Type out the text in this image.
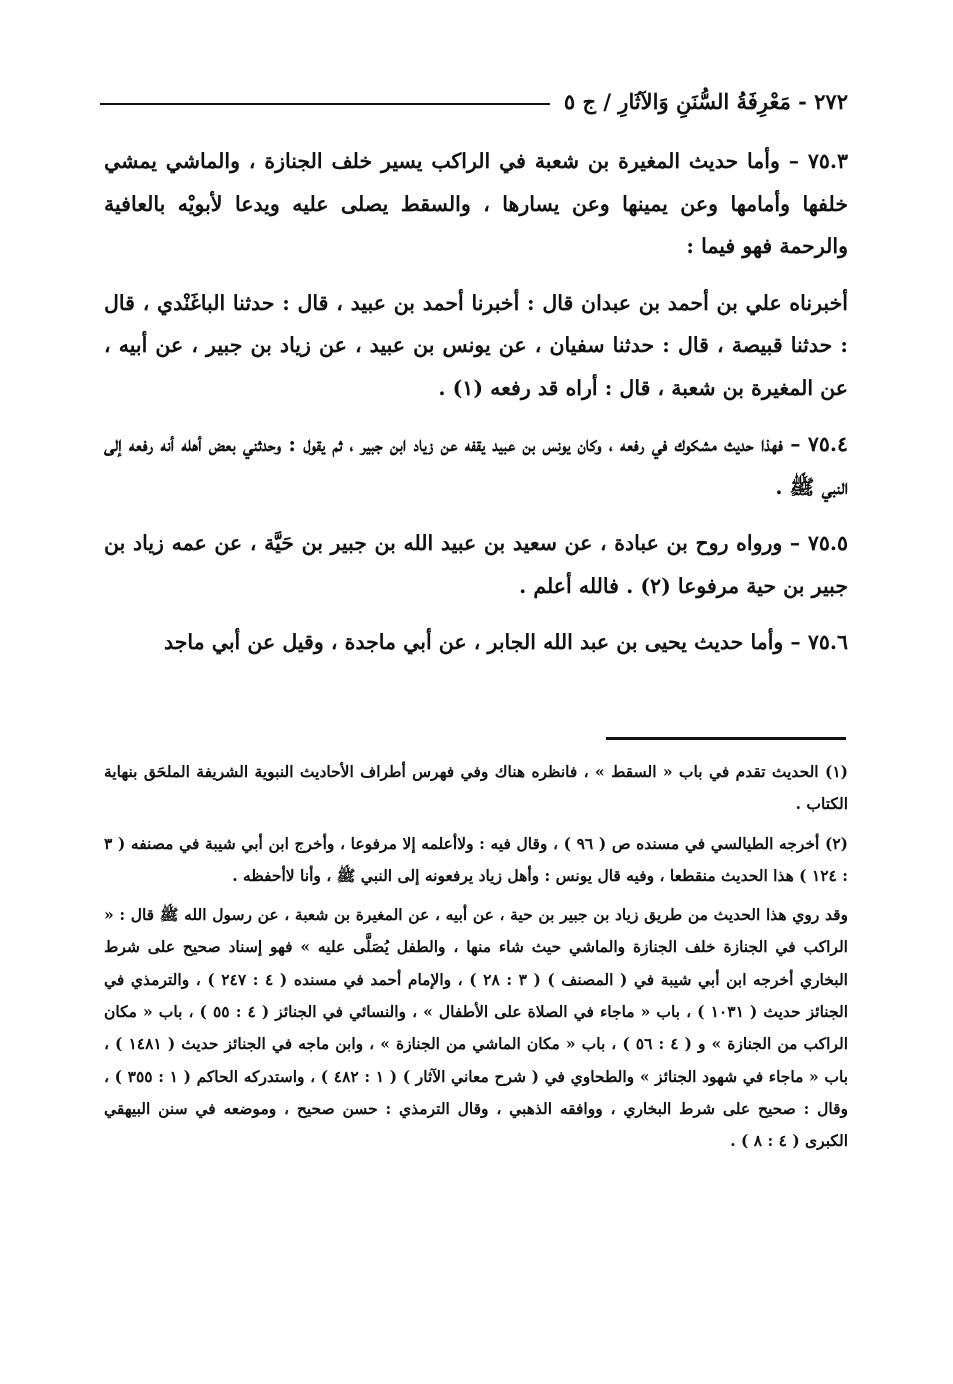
٢٧٢ - مَعْرِفَةُ السُّنَنِ وَالآثَارِ / ج ٥

٧٥.٣ – وأما حديث المغيرة بن شعبة في الراكب يسير خلف الجنازة ، والماشي يمشي خلفها وأمامها وعن يمينها وعن يسارها ، والسقط يصلى عليه ويدعا لأبويْه بالعافية والرحمة فهو فيما :

أخبرناه علي بن أحمد بن عبدان قال : أخبرنا أحمد بن عبيد ، قال : حدثنا الباغَنْدي ، قال : حدثنا قبيصة ، قال : حدثنا سفيان ، عن يونس بن عبيد ، عن زياد بن جبير ، عن أبيه ، عن المغيرة بن شعبة ، قال : أراه قد رفعه (١) .

٧٥.٤ – فهذا حديث مشكوك في رفعه ، وكان يونس بن عبيد يقفه عن زياد ابن جبير ، ثم يقول : وحدثني بعض أهله أنه رفعه إلى النبي ﷺ .

٧٥.٥ – ورواه روح بن عبادة ، عن سعيد بن عبيد الله بن جبير بن حَيَّة ، عن عمه زياد بن جبير بن حية مرفوعا (٢) . فالله أعلم .

٧٥.٦ – وأما حديث يحيى بن عبد الله الجابر ، عن أبي ماجدة ، وقيل عن أبي ماجد

(١) الحديث تقدم في باب « السقط » ، فانظره هناك وفي فهرس أطراف الأحاديث النبوية الشريفة الملحَق بنهاية الكتاب .

(٢) أخرجه الطيالسي في مسنده ص ( ٩٦ ) ، وقال فيه : ولاأعلمه إلا مرفوعا ، وأخرج ابن أبي شيبة في مصنفه ( ٣ : ١٢٤ ) هذا الحديث منقطعا ، وفيه قال يونس : وأهل زياد يرفعونه إلى النبي ﷺ ، وأنا لاأحفظه .

وقد روي هذا الحديث من طريق زياد بن جبير بن حية ، عن أبيه ، عن المغيرة بن شعبة ، عن رسول الله ﷺ قال : « الراكب في الجنازة خلف الجنازة والماشي حيث شاء منها ، والطفل يُصَلَّى عليه » فهو إسناد صحيح على شرط البخاري أخرجه ابن أبي شيبة في ( المصنف ) ( ٣ : ٢٨ ) ، والإمام أحمد في مسنده ( ٤ : ٢٤٧ ) ، والترمذي في الجنائز حديث ( ١٠٣١ ) ، باب « ماجاء في الصلاة على الأطفال » ، والنسائي في الجنائز ( ٤ : ٥٥ ) ، باب « مكان الراكب من الجنازة » و ( ٤ : ٥٦ ) ، باب « مكان الماشي من الجنازة » ، وابن ماجه في الجنائز حديث ( ١٤٨١ ) ، باب « ماجاء في شهود الجنائز » والطحاوي في ( شرح معاني الآثار ) ( ١ : ٤٨٢ ) ، واستدركه الحاكم ( ١ : ٣٥٥ ) ، وقال : صحيح على شرط البخاري ، ووافقه الذهبي ، وقال الترمذي : حسن صحيح ، وموضعه في سنن البيهقي الكبرى ( ٤ : ٨ ) .
